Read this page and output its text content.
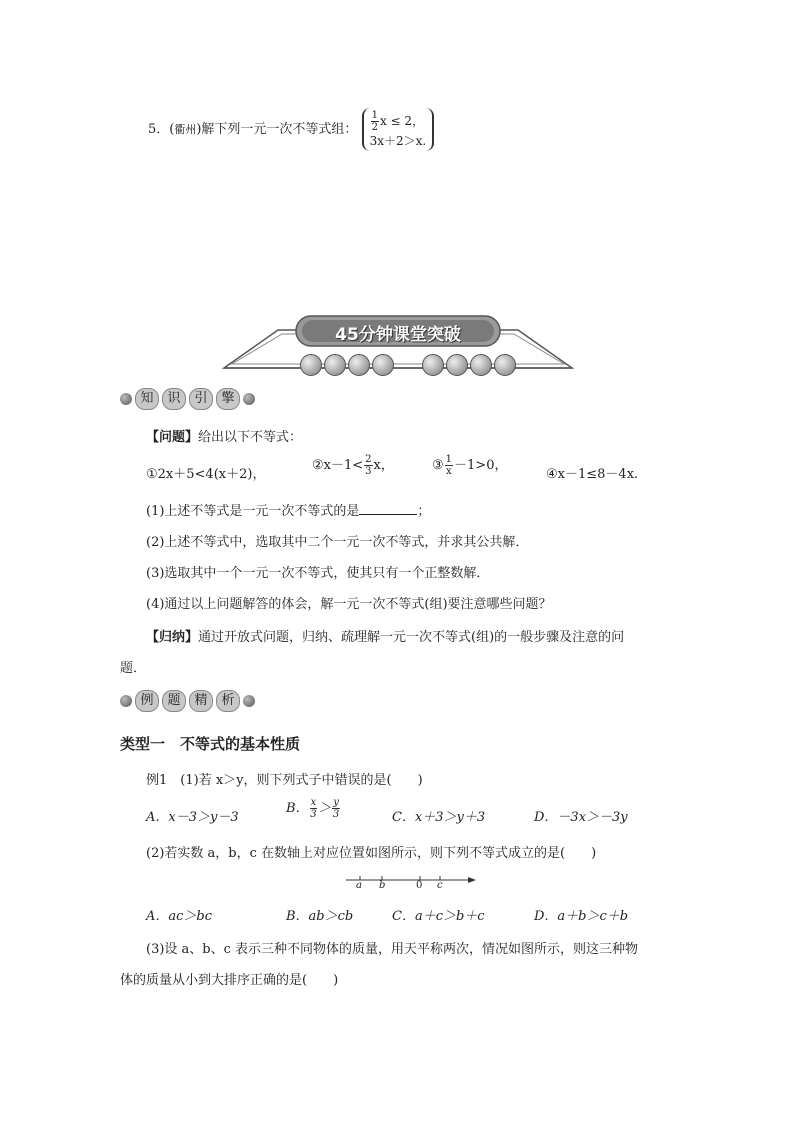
5．(衢州)解下列一元一次不等式组： $\frac{1}{2}$ x ≤ 2，
3x＋2＞x.
45分钟课堂突破
知	识	引	擎
【问题】给出以下不等式：
①2x＋5<4(x＋2)，
②x－1< $\frac{2}{3}$ x，	③ $\frac{1}{x} -1>0$，
④x－1≤8－4x.
(1)上述不等式是一元一次不等式的是	；
(2)上述不等式中，选取其中二个一元一次不等式，并求其公共解．
(3)选取其中一个一元一次不等式，使其只有一个正整数解．
(4)通过以上问题解答的体会，解一元一次不等式(组)要注意哪些问题？
【归纳】通过开放式问题，归纳、疏理解一元一次不等式(组)的一般步骤及注意的问
题．
例	题	精	析
类型一　不等式的基本性质
例1　 (1)若 x＞y，则下列式子中错误的是(　　)
A．x－3＞y－3
B． $\frac{x}{3} > \frac{y}{3}$	C．x＋3＞y＋3	D．－3x＞－3y
(2)若实数 a，b，c 在数轴上对应位置如图所示，则下列不等式成立的是(　　)
a b	0 c
A．ac＞bc	B．ab＞cb	C．a＋c＞b＋c	D．a＋b＞c＋b
(3)设 a、b、c 表示三种不同物体的质量，用天平称两次，情况如图所示，则这三种物
体的质量从小到大排序正确的是(　　)
